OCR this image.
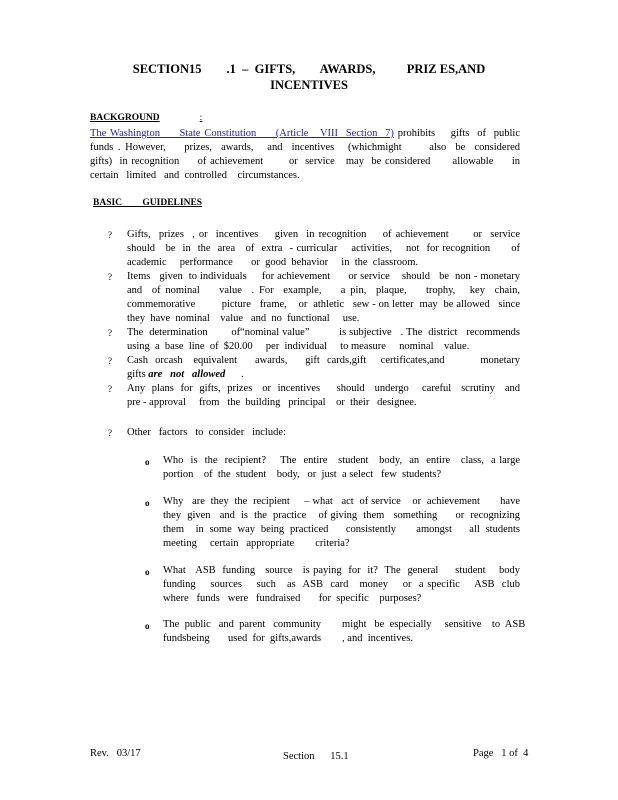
SECTION15        .1  –  GIFTS,        AWARDS,          PRIZ ES,AND
INCENTIVES
BACKGROUND	:
The Washington     State Constitution     (Article   VIII  Section  7) prohibits    gifts  of  public
funds . However,    prizes,  awards,   and  incentives   (whichmight      also  be  considered
gifts)  in recognition     of achievement       or  service   may  be considered      allowable     in
certain   limited   and  controlled    circumstances.
BASIC GUIDELINES
?	Gifts,  prizes  , or  incentives    given  in recognition    of achievement      or  service
should   be  in  the  area   of  extra  - curricular    activities,    not  for recognition      of
academic     performance       or  good  behavior     in  the  classroom.
?	Items   given  to individuals     for achievement      or service    should   be  non - monetary
and  of nominal    value  . For  example,    a pin,  plaque,    trophy,   key  chain,
commemorative         picture   frame,    or  athletic   sew - on letter  may  be allowed   since
they  have  nominal    value   and  no  functional     use.
?	The  determination        of“nominal value”          is subjective   . The  district   recommends
using  a  base  line  of  $20.00     per  individual     to measure     nominal    value.
?	Cash  orcash   equivalent     awards,     gift  cards,gift    certificates,and          monetary
gifts are   not   allowed      .
?	Any  plans  for  gifts,  prizes   or  incentives     should   undergo    careful   scrutiny   and
pre - approval     from   the  building   principal    or  their   designee.
? Other   factors   to  consider   include:
o Who  is  the  recipient?    The  entire   student   body,  an  entire   class,  a large
portion    of  the  student    body,   or  just  a select   few  students?
o Why   are  they  the  recipient     – what   act  of service    or  achievement       have
they  given   and  is  the  practice    of giving  them   something      or  recognizing
them    in  some  way  being  practiced      consistently       amongst      all  students
meeting     certain   appropriate        criteria?
o What   ASB  funding   source   is paying  for  it?  The  general     student    body
funding    sources    such   as  ASB  card   money    or  a specific    ASB  club
where   funds   were   fundraised       for  specific    purposes?
o The  public   and  parent   community        might   be  especially     sensitive    to  ASB
fundsbeing       used  for  gifts,awards        , and  incentives.
Rev.   03/17	Section      15.1	Page   1 of  4
